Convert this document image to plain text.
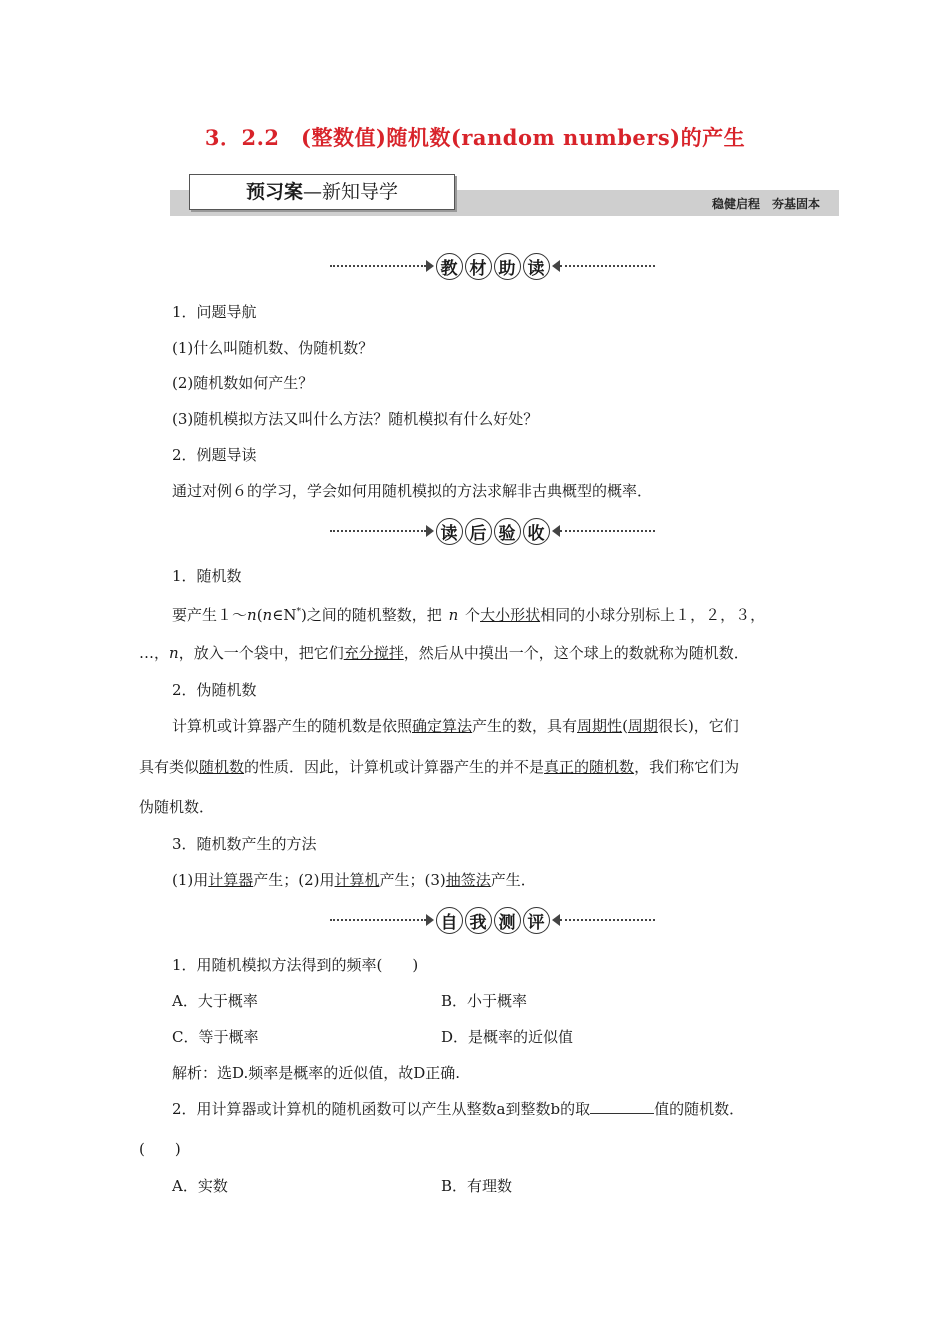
3．2.2　(整数值)随机数(random numbers)的产生
预习案—新知导学
稳健启程　夯基固本
教 材 助 读
1．问题导航
(1)什么叫随机数、伪随机数？
(2)随机数如何产生？
(3)随机模拟方法又叫什么方法？随机模拟有什么好处？
2．例题导读
通过对例６的学习，学会如何用随机模拟的方法求解非古典概型的概率．
读 后 验 收
1．随机数
要产生１～n(n∈N*)之间的随机整数，把 n 个大小形状相同的小球分别标上１，２，３，
…，n，放入一个袋中，把它们充分搅拌，然后从中摸出一个，这个球上的数就称为随机数．
2．伪随机数
计算机或计算器产生的随机数是依照确定算法产生的数，具有周期性(周期很长)，它们
具有类似随机数的性质．因此，计算机或计算器产生的并不是真正的随机数，我们称它们为
伪随机数．
3．随机数产生的方法
(1)用计算器产生；(2)用计算机产生；(3)抽签法产生．
自 我 测 评
1．用随机模拟方法得到的频率(　　)
A．大于概率	B．小于概率
C．等于概率	D．是概率的近似值
解析：选D.频率是概率的近似值，故D正确.
2．用计算器或计算机的随机函数可以产生从整数a到整数b的取	值的随机数．
(　　)
A．实数	B．有理数
